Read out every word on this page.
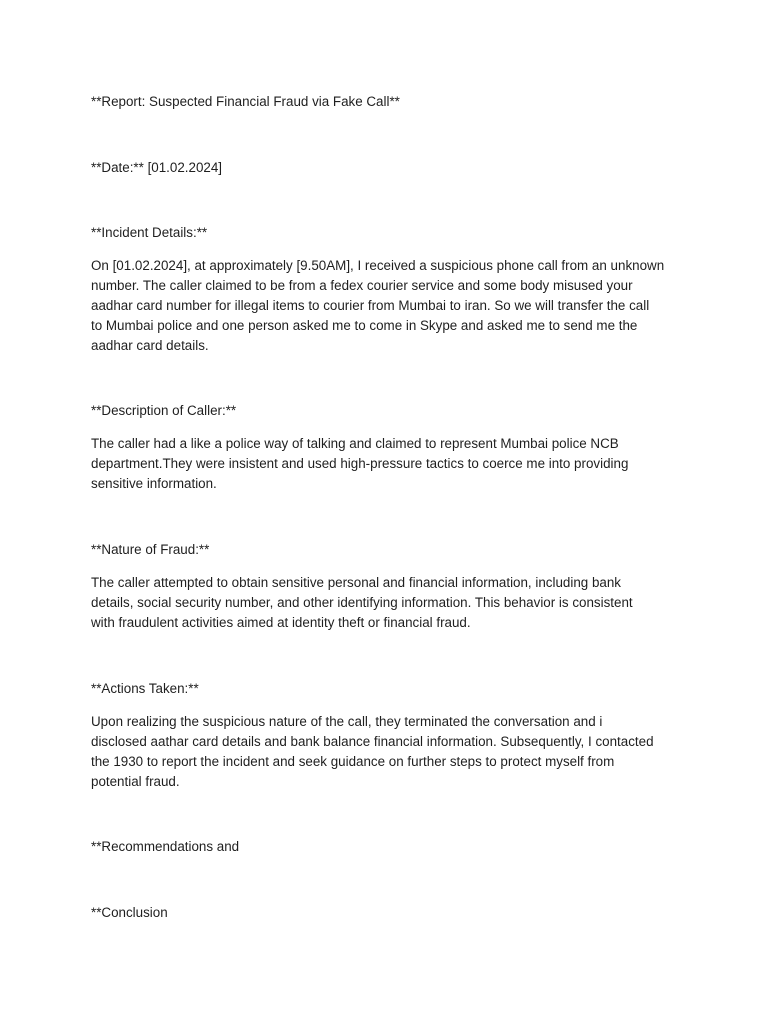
**Report: Suspected Financial Fraud via Fake Call**

**Date:** [01.02.2024]

**Incident Details:**

On [01.02.2024], at approximately [9.50AM], I received a suspicious phone call from an unknown
number. The caller claimed to be from a fedex courier service and some body misused your
aadhar card number for illegal items to courier from Mumbai to iran. So we will transfer the call
to Mumbai police and one person asked me to come in Skype and asked me to send me the
aadhar card details.

**Description of Caller:**

The caller had a like a police way of talking and claimed to represent Mumbai police NCB
department.They were insistent and used high-pressure tactics to coerce me into providing
sensitive information.

**Nature of Fraud:**

The caller attempted to obtain sensitive personal and financial information, including bank
details, social security number, and other identifying information. This behavior is consistent
with fraudulent activities aimed at identity theft or financial fraud.

**Actions Taken:**

Upon realizing the suspicious nature of the call, they terminated the conversation and i
disclosed aathar card details and bank balance financial information. Subsequently, I contacted
the 1930 to report the incident and seek guidance on further steps to protect myself from
potential fraud.

**Recommendations and

**Conclusion
